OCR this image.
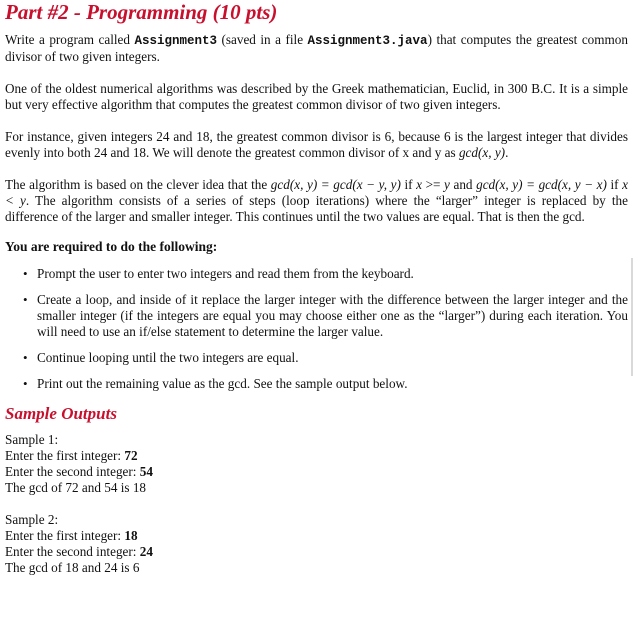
Part #2 - Programming (10 pts)

Write a program called Assignment3 (saved in a file Assignment3.java) that computes the greatest common divisor of two given integers.

One of the oldest numerical algorithms was described by the Greek mathematician, Euclid, in 300 B.C. It is a simple but very effective algorithm that computes the greatest common divisor of two given integers.

For instance, given integers 24 and 18, the greatest common divisor is 6, because 6 is the largest integer that divides evenly into both 24 and 18. We will denote the greatest common divisor of x and y as gcd(x, y).

The algorithm is based on the clever idea that the gcd(x, y) = gcd(x − y, y) if x >= y and gcd(x, y) = gcd(x, y − x) if x < y. The algorithm consists of a series of steps (loop iterations) where the “larger” integer is replaced by the difference of the larger and smaller integer. This continues until the two values are equal. That is then the gcd.

You are required to do the following:
• Prompt the user to enter two integers and read them from the keyboard.
• Create a loop, and inside of it replace the larger integer with the difference between the larger integer and the smaller integer (if the integers are equal you may choose either one as the “larger”) during each iteration. You will need to use an if/else statement to determine the larger value.
• Continue looping until the two integers are equal.
• Print out the remaining value as the gcd. See the sample output below.
Sample Outputs
Sample 1:
Enter the first integer: 72
Enter the second integer: 54
The gcd of 72 and 54 is 18
Sample 2:
Enter the first integer: 18
Enter the second integer: 24
The gcd of 18 and 24 is 6
